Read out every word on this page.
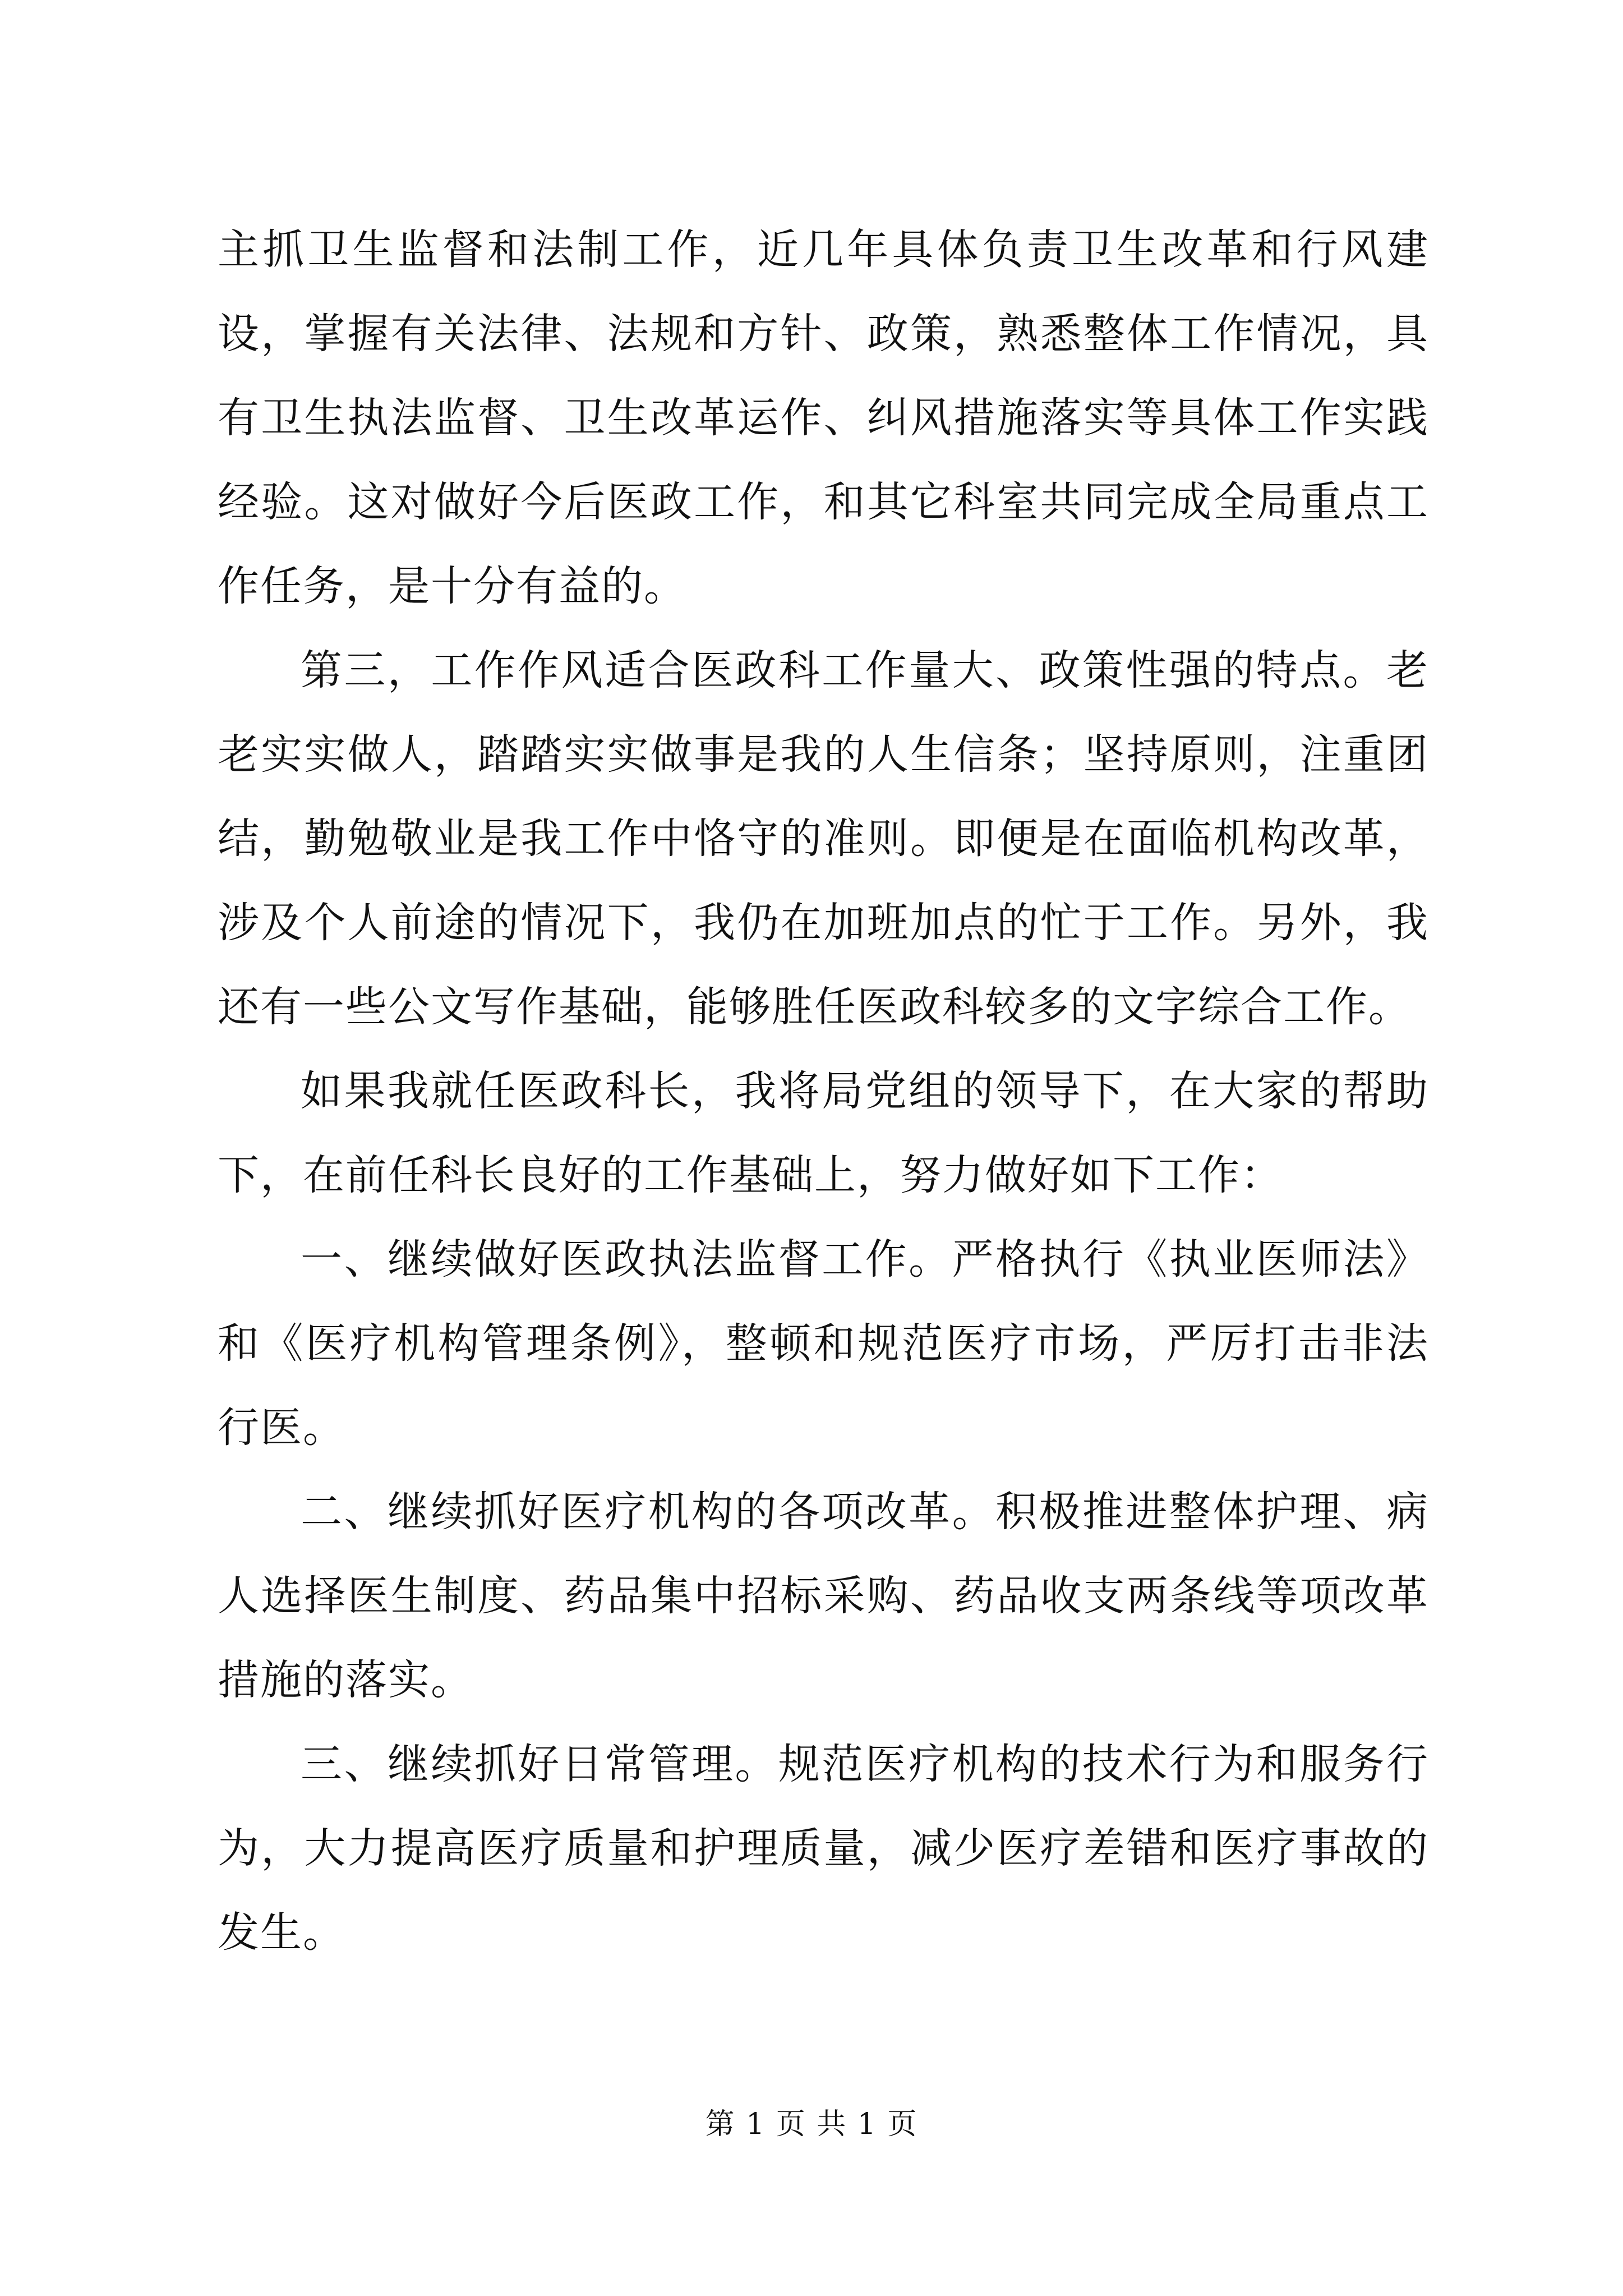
主抓卫生监督和法制工作，近几年具体负责卫生改革和行风建设，掌握有关法律、法规和方针、政策，熟悉整体工作情况，具有卫生执法监督、卫生改革运作、纠风措施落实等具体工作实践经验。这对做好今后医政工作，和其它科室共同完成全局重点工作任务，是十分有益的。

第三，工作作风适合医政科工作量大、政策性强的特点。老老实实做人，踏踏实实做事是我的人生信条；坚持原则，注重团结，勤勉敬业是我工作中恪守的准则。即便是在面临机构改革，涉及个人前途的情况下，我仍在加班加点的忙于工作。另外，我还有一些公文写作基础，能够胜任医政科较多的文字综合工作。

如果我就任医政科长，我将局党组的领导下，在大家的帮助下，在前任科长良好的工作基础上，努力做好如下工作：

一、继续做好医政执法监督工作。严格执行《执业医师法》和《医疗机构管理条例》，整顿和规范医疗市场，严厉打击非法行医。

二、继续抓好医疗机构的各项改革。积极推进整体护理、病人选择医生制度、药品集中招标采购、药品收支两条线等项改革措施的落实。

三、继续抓好日常管理。规范医疗机构的技术行为和服务行为，大力提高医疗质量和护理质量，减少医疗差错和医疗事故的发生。

第 1 页 共 1 页
